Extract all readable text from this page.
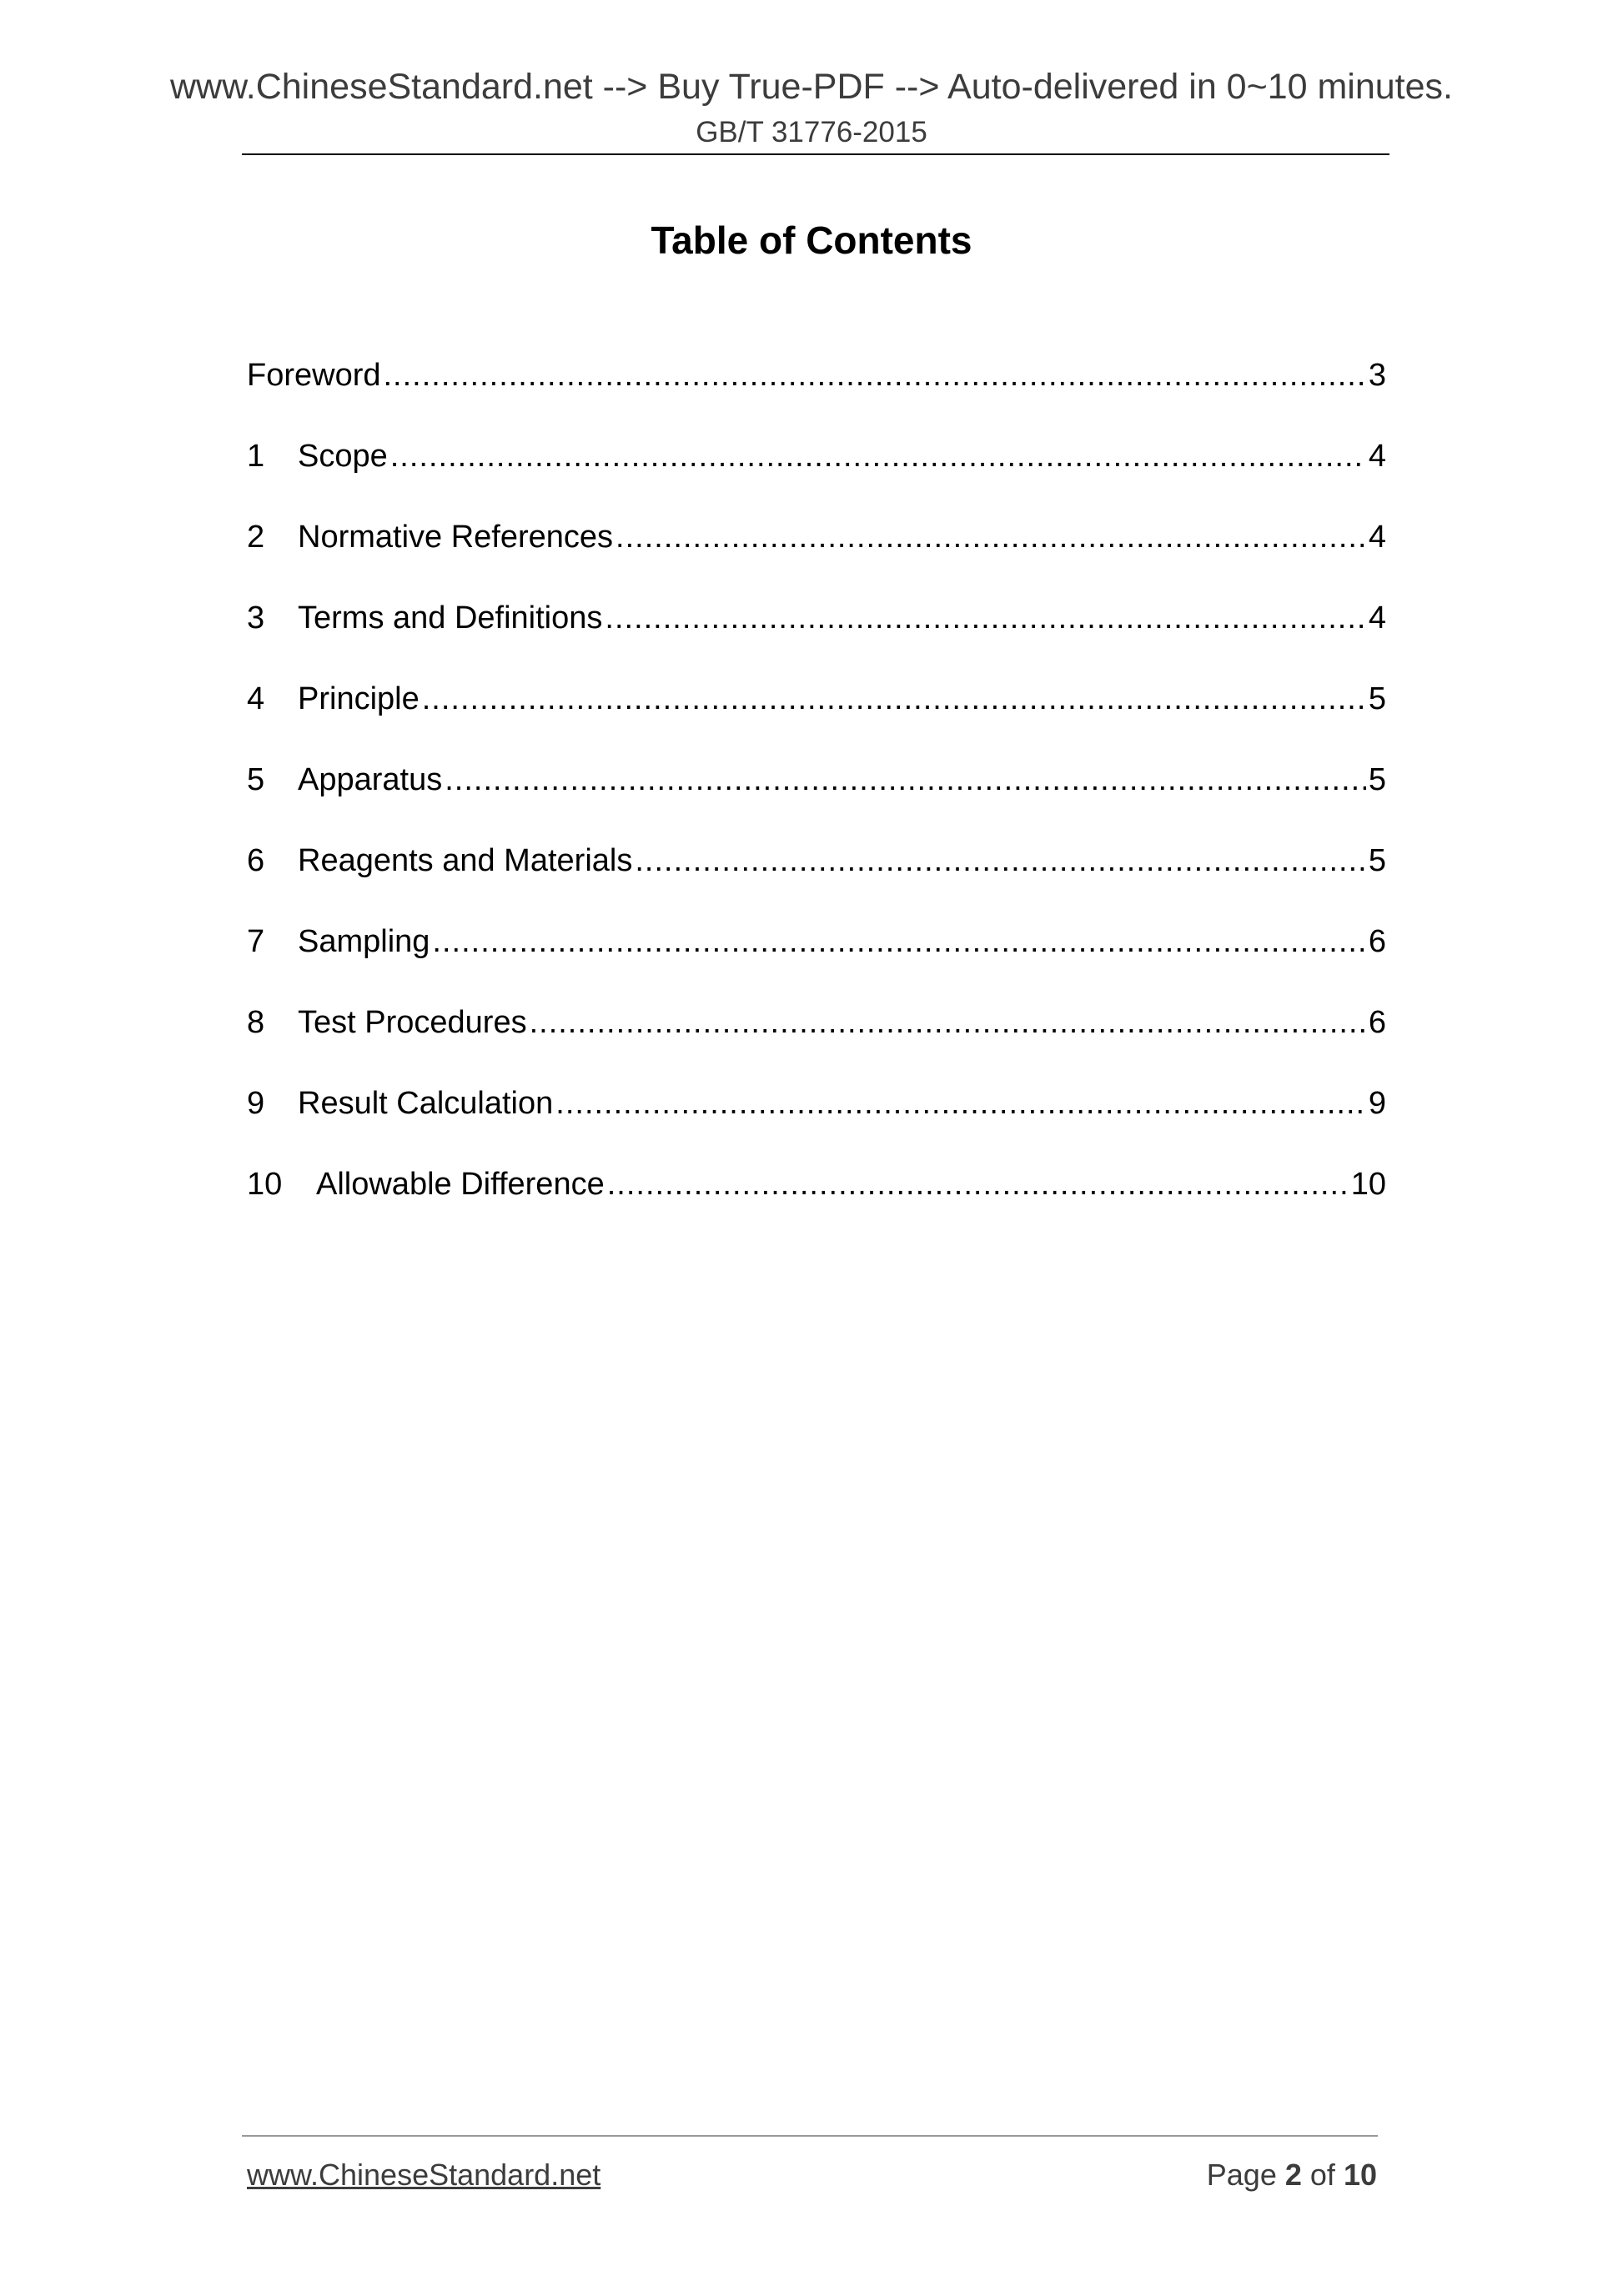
www.ChineseStandard.net --> Buy True-PDF --> Auto-delivered in 0~10 minutes.
GB/T 31776-2015
Table of Contents
Foreword .....	3
1	Scope .....	4
2	Normative References .....	4
3	Terms and Definitions .....	4
4	Principle .....	5
5	Apparatus .....	5
6	Reagents and Materials .....	5
7	Sampling .....	6
8	Test Procedures .....	6
9	Result Calculation .....	9
10	Allowable Difference .....	10
www.ChineseStandard.net	Page 2 of 10
